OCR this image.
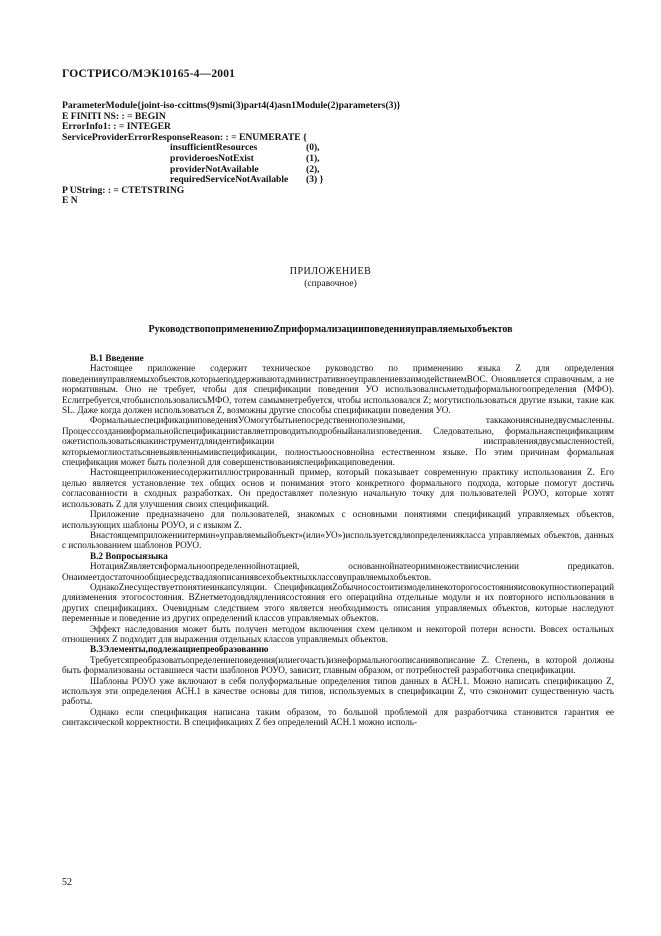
ГОСТРИСО/МЭК10165-4—2001
ParameterModule{joint-iso-ccittms(9)smi(3)part4(4)asn1Module(2)parameters(3)}
E FINITI NS: : = BEGIN
ErrorInfo1: : = INTEGER
ServiceProviderErrorResponseReason: : = ENUMERATE {
insufficientResources	(0),
provideroesNotExist	(1),
providerNotAvailable	(2),
requiredServiceNotAvailable (3) }
P UString: : = CTETSTRING
E N
ПРИЛОЖЕНИЕВ
(справочное)
РуководствопоприменениюZприформализацииповеденияуправляемыхобъектов
В.1 Введение

Настоящее приложение содержит техническое руководство по применению языка Z для определения поведенияуправляемыхобъектов,которыеподдерживаютадминистративноеуправлениевзаимодействиемВОС. Оноявляется справочным, а не нормативным. Оно не требует, чтобы для спецификации поведения УО использовалисьметодыформальногоопределения (МФО). Еслитребуется,чтобыиспользовалисьМФО, тотем самымнетребуется, чтобы использовался Z; могутиспользоваться другие языки, такие как SL. Даже когда должен использоваться Z, возможны другие способы спецификации поведения УО.

ФормальныеспецификацииповеденияУОмогутбытьнепосредственнополезными, таккаконияснынедвусмысленны. Процесссозданияформальнойспецификацииставляетпроводитьподробныйанализповедения. Следовательно, формальнаяспецификациям ожетиспользоватьсякакинструментдляидентификации иисправлениядвусмысленностей, которыемоглиостатьсяневыявленнымивспецификации, полностьюосновнойна естественном языке. По этим причинам формальная спецификация может быть полезной для совершенствованияспецификациповедения.

Настоящееприложениесодержитиллюстрированный пример, который показывает современную практику использования Z. Его целью является установление тех общих основ и понимания этого конкретного формального подхода, которые помогут достичь согласованности в сходных разработках. Он предоставляет полезную начальную точку для пользователей РОУО, которые хотят использовать Z для улучшения своих спецификаций.

Приложение предназначено для пользователей, знакомых с основными понятиями спецификаций управляемых объектов, использующих шаблоны РОУО, и с языком Z.

Внастоящемприложениитермин«управляемыйобъект»(или«УО»)используетсядляопределениякласса управляемых объектов, данных с использованием шаблонов РОУО.

В.2 Вопросыязыка

НотацияZявляетсяформальноопределеннойнотацией, основаннойнатеориимножествиисчислении предикатов. Онаимеетдостаточнообщиесредствадляописаниявсехобъектныхклассовуправляемыхобъектов.

ОднакоZнесуществуетпонятиеинкапсуляции. СпецификацияZобычносостоитизмоделинекоторогосостоянияисовокупностиопераций дляизменения этогосостояния. BZнетметодовдлядлениясостояния его операцийна отдельные модули и их повторного использования в других спецификациях. Очевидным следствием этого является необходимость описания управляемых объектов, которые наследуют переменные и поведение из других определений классов управляемых объектов.

Эффект наследования может быть получен методом включения схем целиком и некоторой потери ясности. Вовсех остальных отношениях Z подходит для выражения отдельных классов управляемых объектов.

В.3Элементы,подлежащиепреобразованию

Требуетсяпреобразоватьопределениеповедения(илиегочасть)изнеформальногоописаниявописание Z. Степень, в которой должны быть формализованы оставшиеся части шаблонов РОУО, зависит, главным образом, от потребностей разработчика спецификации.

Шаблоны РОУО уже включают в себя полуформальные определения типов данных в АСН.1. Можно написать спецификацию Z, используя эти определения АСН.1 в качестве основы для типов, используемых в спецификации Z, что сэкономит существенную часть работы.

Однако если спецификация написана таким образом, то большой проблемой для разработчика становится гарантия ее синтаксической корректности. В спецификациях Z без определений АСН.1 можно исполь-

52
